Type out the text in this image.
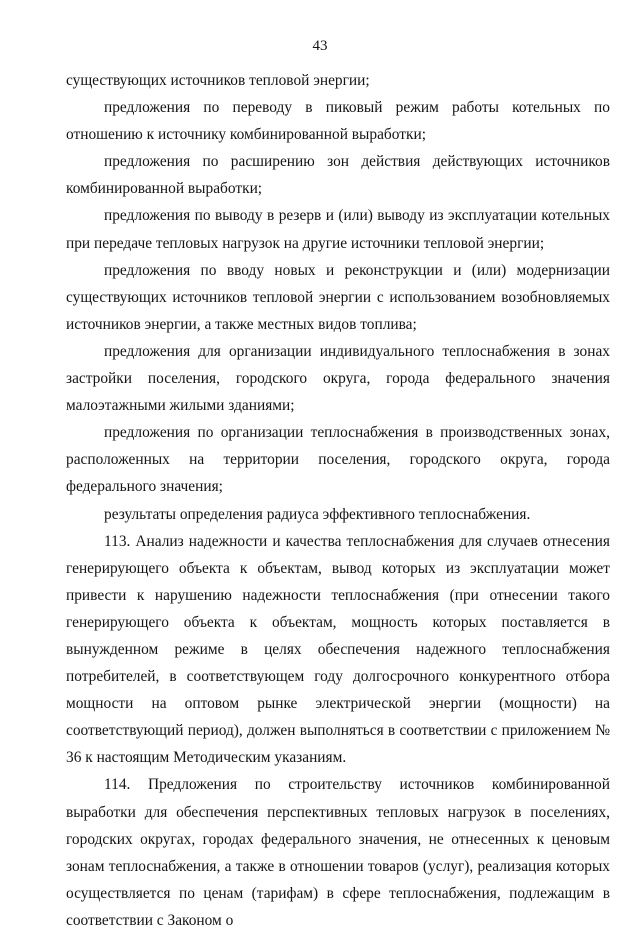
43

существующих источников тепловой энергии;

предложения по переводу в пиковый режим работы котельных по отношению к источнику комбинированной выработки;

предложения по расширению зон действия действующих источников комбинированной выработки;

предложения по выводу в резерв и (или) выводу из эксплуатации котельных при передаче тепловых нагрузок на другие источники тепловой энергии;

предложения по вводу новых и реконструкции и (или) модернизации существующих источников тепловой энергии с использованием возобновляемых источников энергии, а также местных видов топлива;

предложения для организации индивидуального теплоснабжения в зонах застройки поселения, городского округа, города федерального значения малоэтажными жилыми зданиями;

предложения по организации теплоснабжения в производственных зонах, расположенных на территории поселения, городского округа, города федерального значения;

результаты определения радиуса эффективного теплоснабжения.

113. Анализ надежности и качества теплоснабжения для случаев отнесения генерирующего объекта к объектам, вывод которых из эксплуатации может привести к нарушению надежности теплоснабжения (при отнесении такого генерирующего объекта к объектам, мощность которых поставляется в вынужденном режиме в целях обеспечения надежного теплоснабжения потребителей, в соответствующем году долгосрочного конкурентного отбора мощности на оптовом рынке электрической энергии (мощности) на соответствующий период), должен выполняться в соответствии с приложением № 36 к настоящим Методическим указаниям.

114. Предложения по строительству источников комбинированной выработки для обеспечения перспективных тепловых нагрузок в поселениях, городских округах, городах федерального значения, не отнесенных к ценовым зонам теплоснабжения, а также в отношении товаров (услуг), реализация которых осуществляется по ценам (тарифам) в сфере теплоснабжения, подлежащим в соответствии с Законом о
